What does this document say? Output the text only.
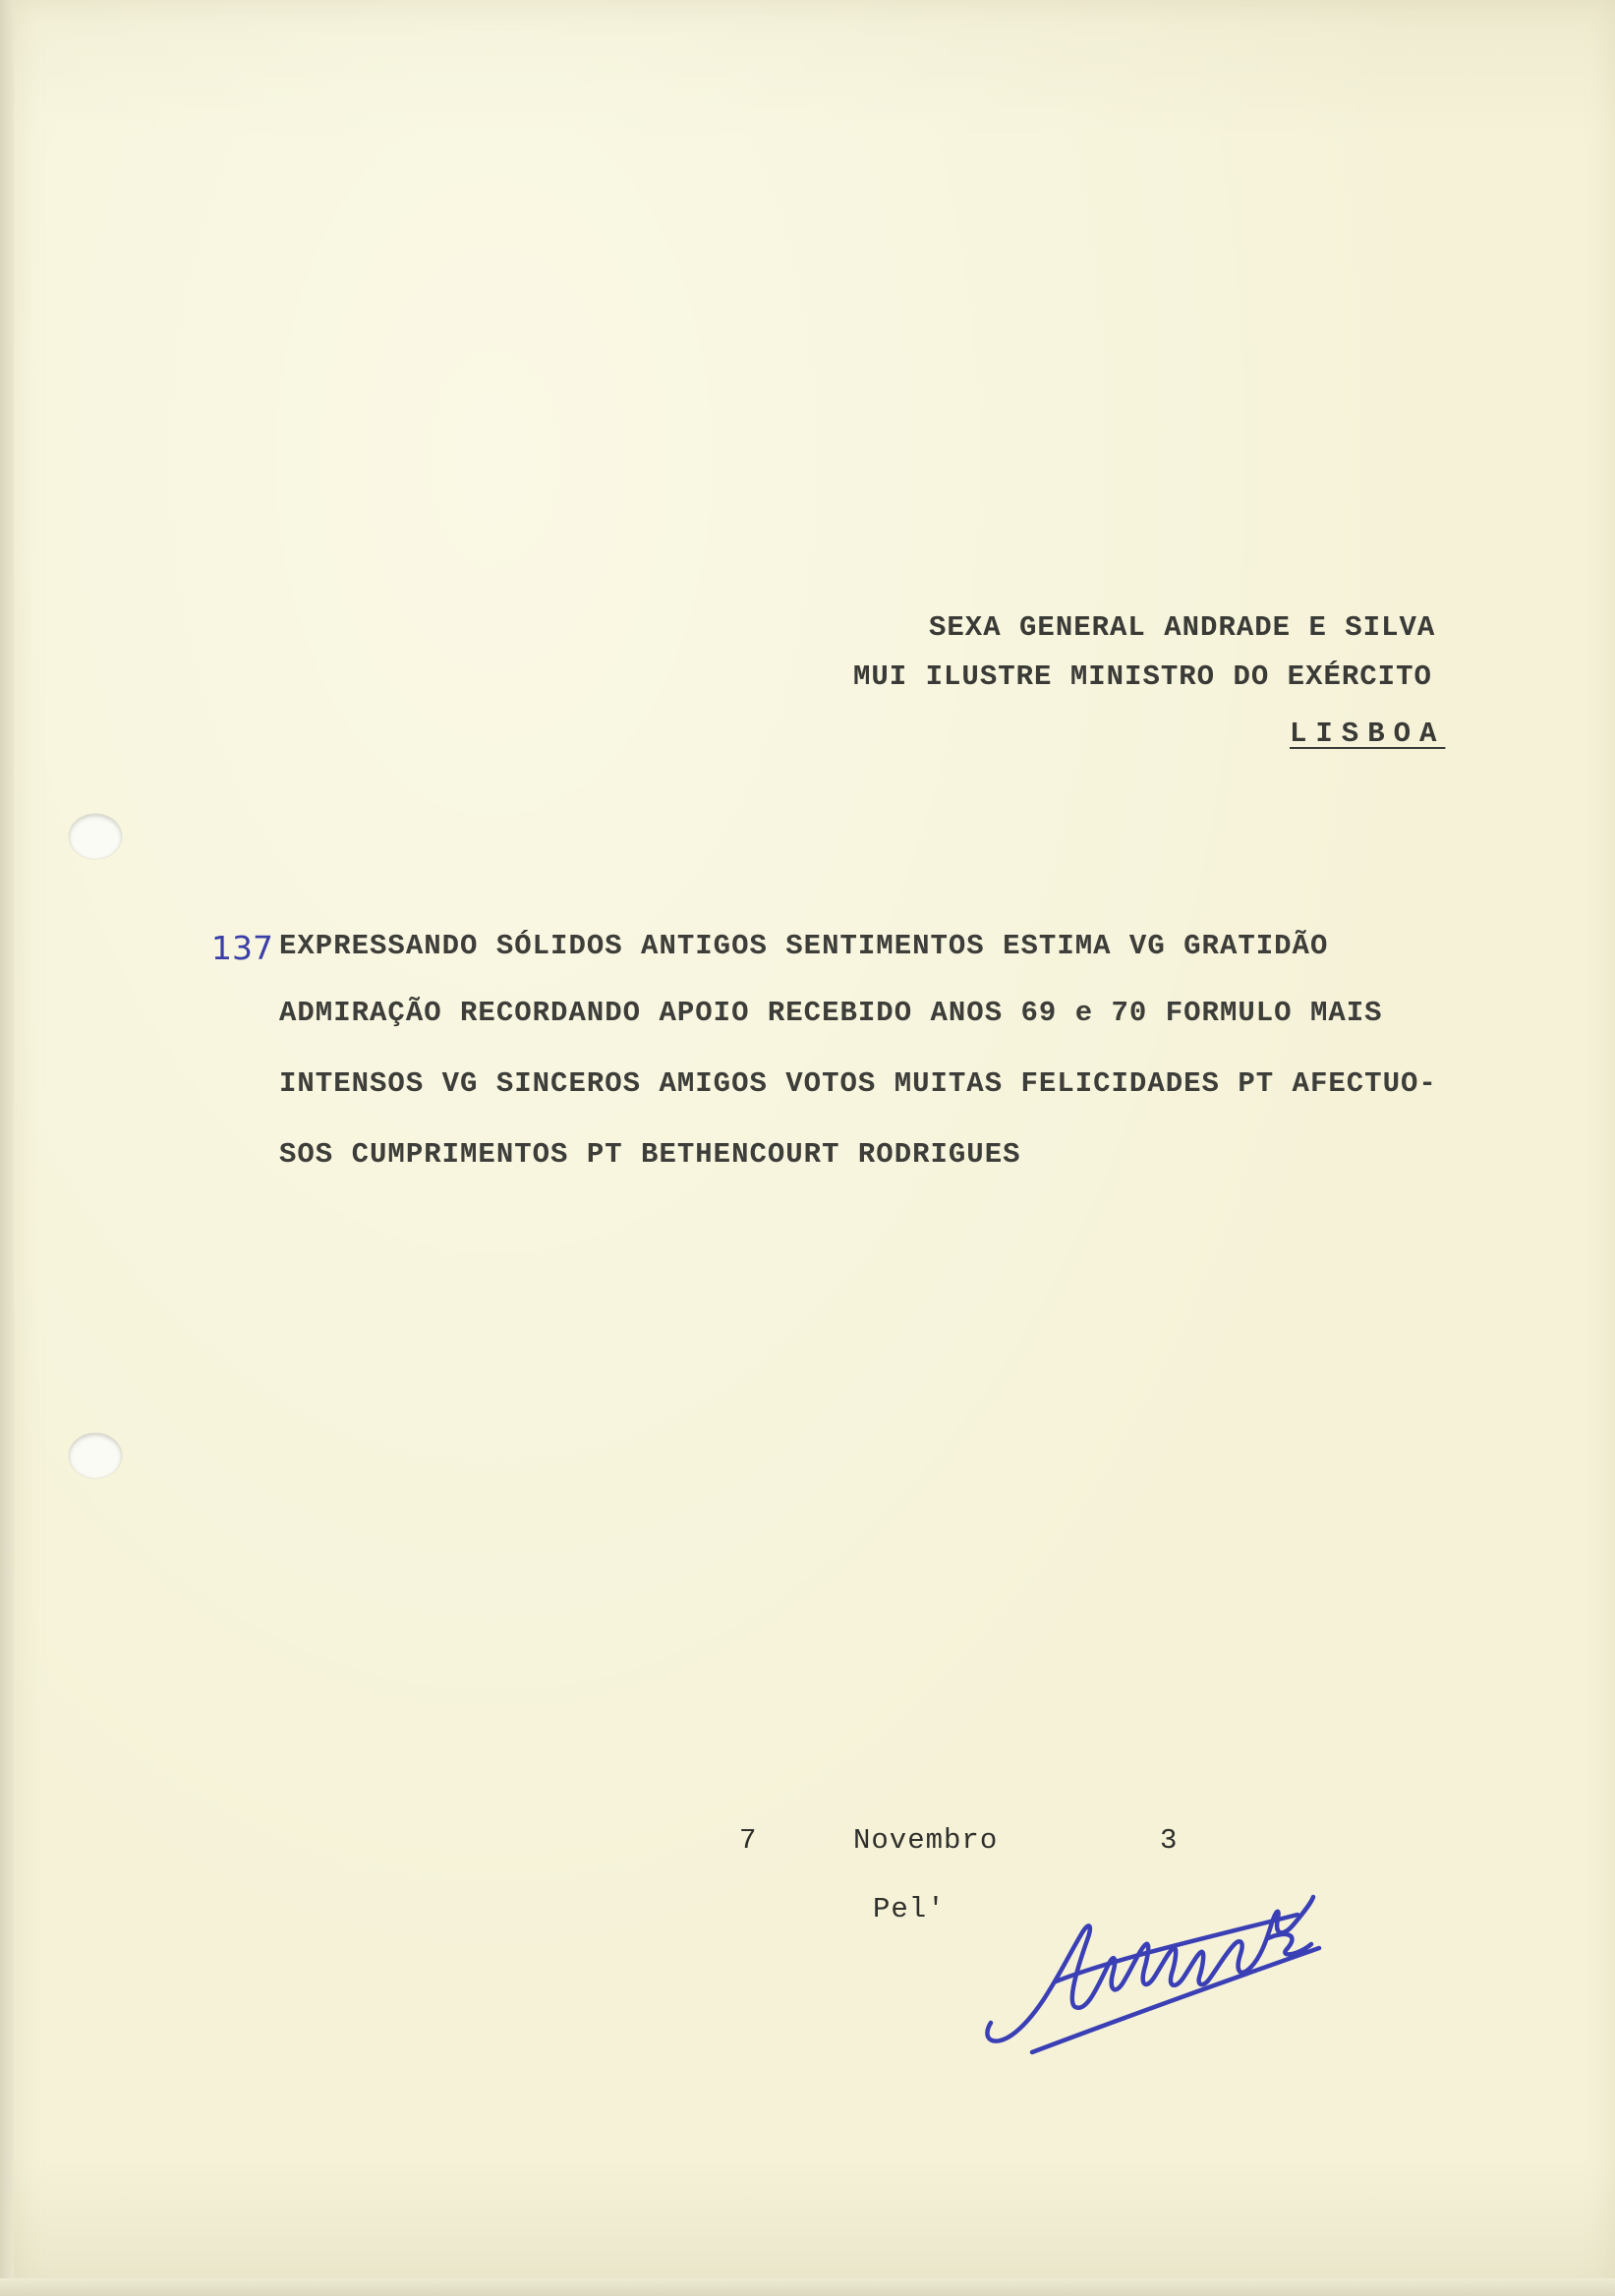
SEXA GENERAL ANDRADE E SILVA
MUI ILUSTRE MINISTRO DO EXÉRCITO
LISBOA
137 EXPRESSANDO SÓLIDOS ANTIGOS SENTIMENTOS ESTIMA VG GRATIDÃO
ADMIRAÇÃO RECORDANDO APOIO RECEBIDO ANOS 69 e 70 FORMULO MAIS
INTENSOS VG SINCEROS AMIGOS VOTOS MUITAS FELICIDADES PT AFECTUO-
SOS CUMPRIMENTOS PT BETHENCOURT RODRIGUES
7	Novembro	3
Pel'
